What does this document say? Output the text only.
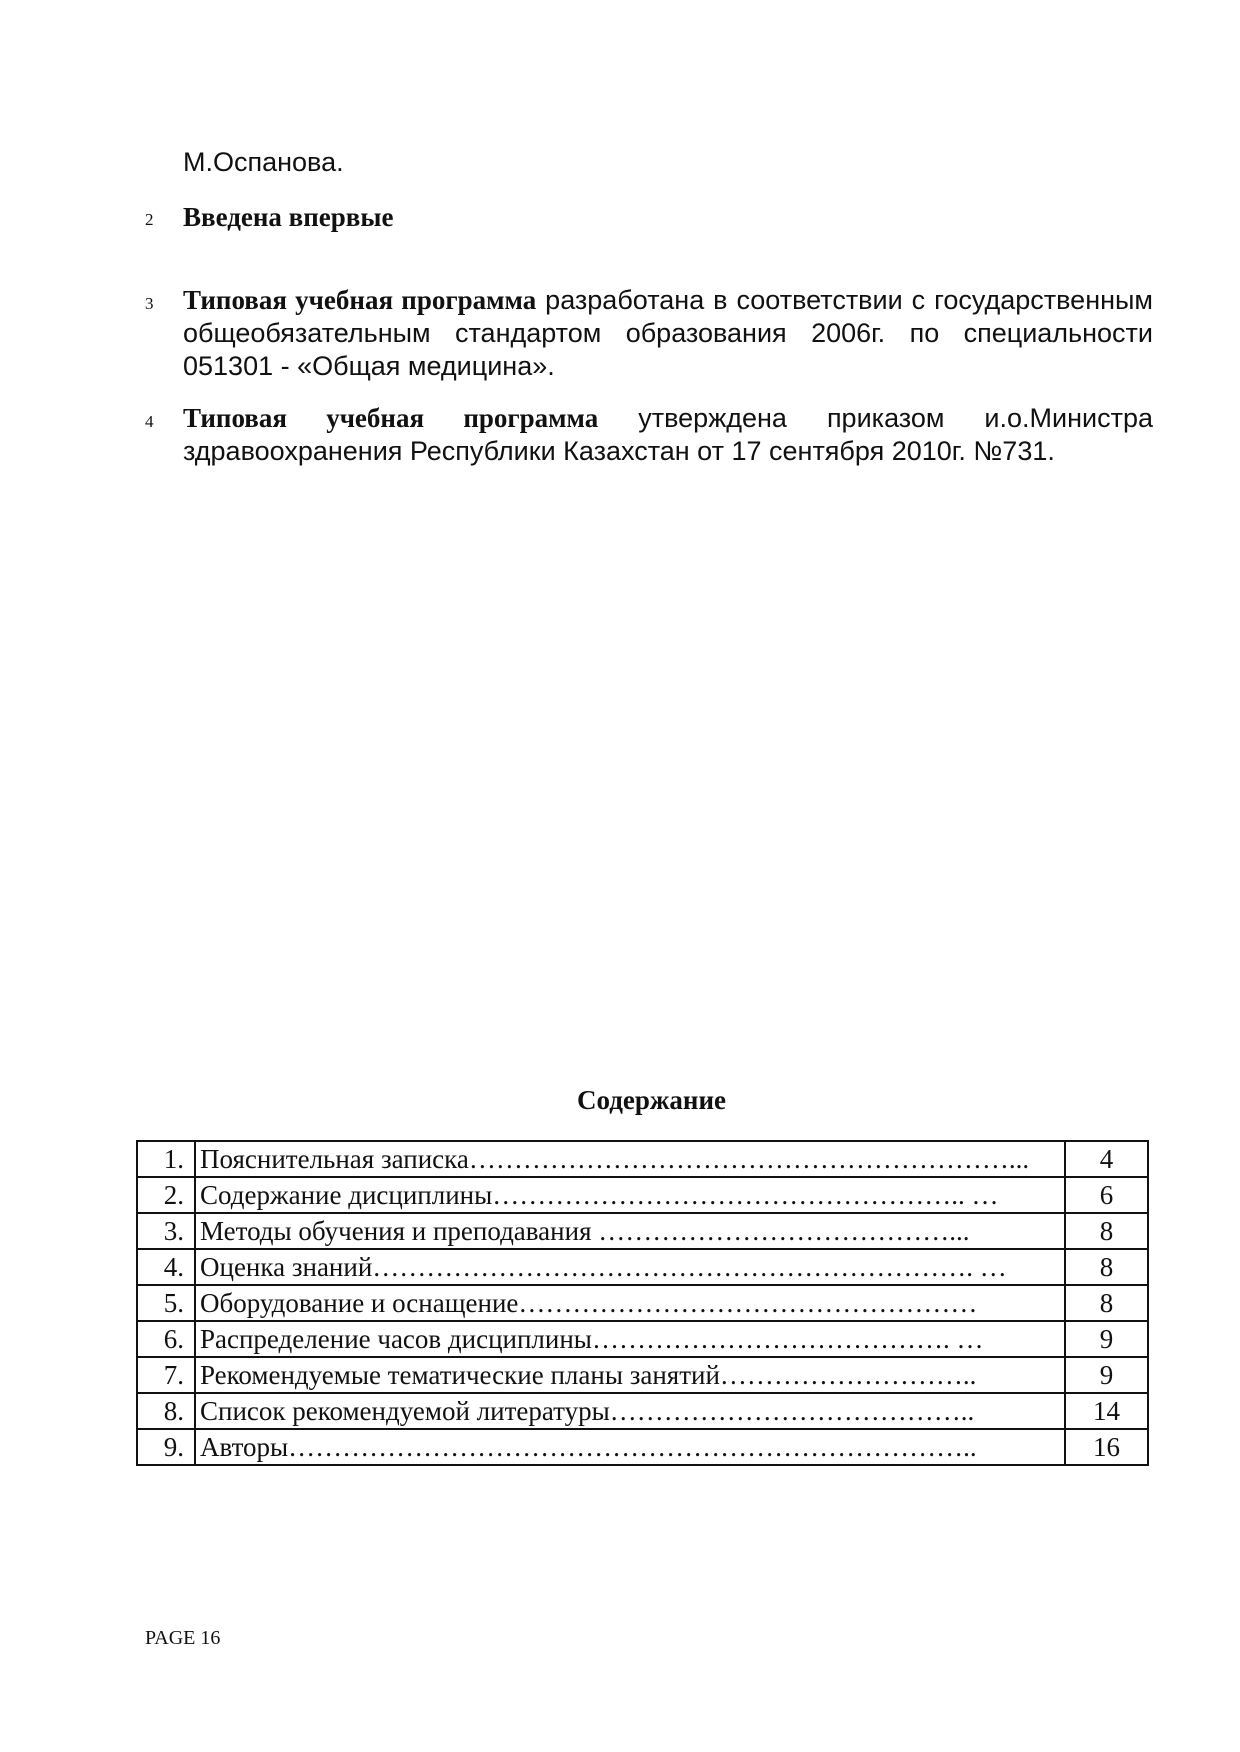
М.Оспанова.
2 Введена впервые
3 Типовая учебная программа разработана в соответствии с государственным общеобязательным стандартом образования 2006г. по специальности 051301 - «Общая медицина».
4 Типовая учебная программа утверждена приказом и.о.Министра здравоохранения Республики Казахстан от 17 сентября 2010г. №731.
Содержание
1.	Пояснительная записка……………………………………………………...	4
2.	Содержание дисциплины…………………………………………….. …	6
3.	Методы обучения и преподавания …………………………………...	8
4.	Оценка знаний…………………………………………………………. …	8
5.	Оборудование и оснащение……………………………………………	8
6.	Распределение часов дисциплины…………………………………. …	9
7.	Рекомендуемые тематические планы занятий………………………..	9
8.	Список рекомендуемой литературы…………………………………..	14
9.	Авторы…………………………………………………………………..	16
PAGE 16
